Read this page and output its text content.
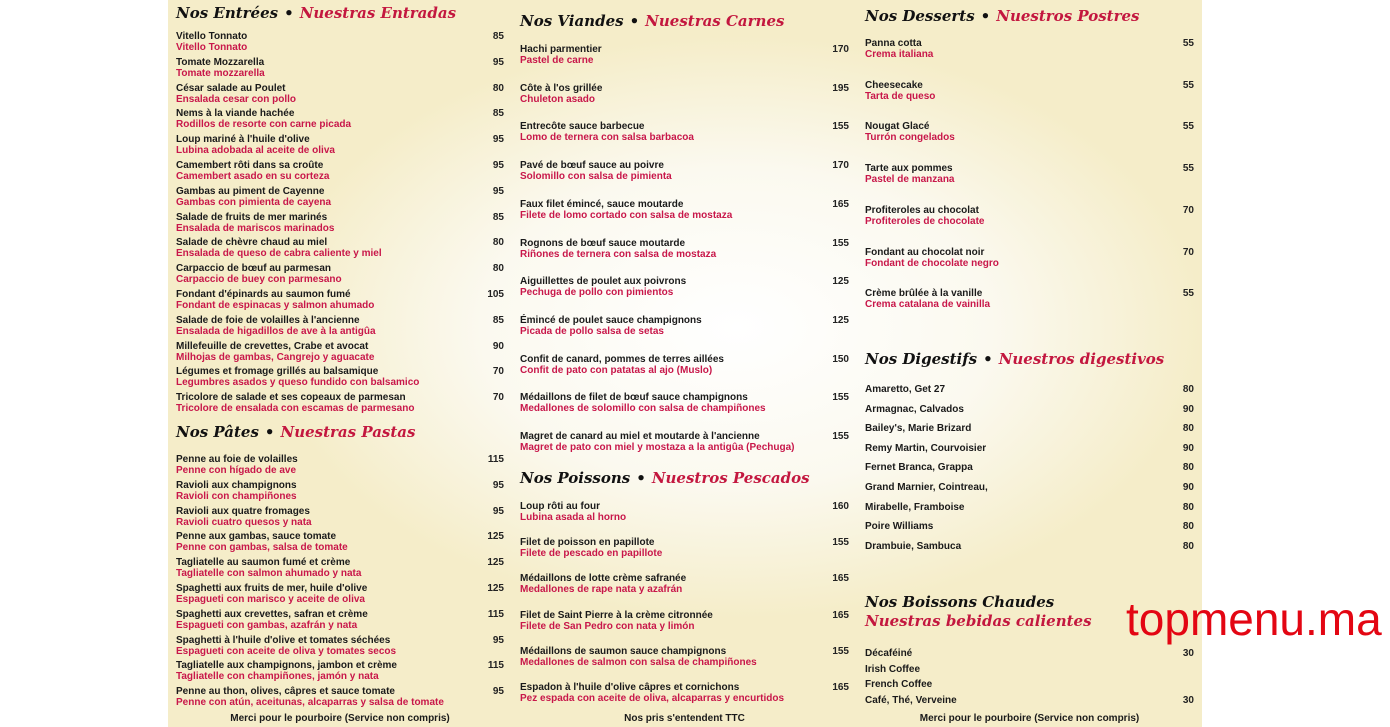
Nos Entrées • Nuestras Entradas
Vitello Tonnato
Vitello Tonnato
85
Tomate Mozzarella
Tomate mozzarella
95
César salade au Poulet
Ensalada cesar con pollo
80
Nems à la viande hachée
Rodillos de resorte con carne picada
85
Loup mariné à l'huile d'olive
Lubina adobada al aceite de oliva
95
Camembert rôti dans sa croûte
Camembert asado en su corteza
95
Gambas au piment de Cayenne
Gambas con pimienta de cayena
95
Salade de fruits de mer marinés
Ensalada de mariscos marinados
85
Salade de chèvre chaud au miel
Ensalada de queso de cabra caliente y miel
80
Carpaccio de bœuf au parmesan
Carpaccio de buey con parmesano
80
Fondant d'épinards au saumon fumé
Fondant de espinacas y salmon ahumado
105
Salade de foie de volailles à l'ancienne
Ensalada de higadillos de ave à la antigûa
85
Millefeuille de crevettes, Crabe et avocat
Milhojas de gambas, Cangrejo y aguacate
90
Légumes et fromage grillés au balsamique
Legumbres asados y queso fundido con balsamico
70
Tricolore de salade et ses copeaux de parmesan
Tricolore de ensalada con escamas de parmesano
70
Nos Pâtes • Nuestras Pastas
Penne au foie de volailles
Penne con hígado de ave
115
Ravioli aux champignons
Ravioli con champiñones
95
Ravioli aux quatre fromages
Ravioli cuatro quesos y nata
95
Penne aux gambas, sauce tomate
Penne con gambas, salsa de tomate
125
Tagliatelle au saumon fumé et crème
Tagliatelle con salmon ahumado y nata
125
Spaghetti aux fruits de mer, huile d'olive
Espagueti con marisco y aceite de oliva
125
Spaghetti aux crevettes, safran et crème
Espagueti con gambas, azafrán y nata
115
Spaghetti à l'huile d'olive et tomates séchées
Espagueti con aceite de oliva y tomates secos
95
Tagliatelle aux champignons, jambon et crème
Tagliatelle con champiñones, jamón y nata
115
Penne au thon, olives, câpres et sauce tomate
Penne con atún, aceitunas, alcaparras y salsa de tomate
95
Merci pour le pourboire (Service non compris)
Nos Viandes • Nuestras Carnes
Hachi parmentier
Pastel de carne
170
Côte à l'os grillée
Chuleton asado
195
Entrecôte sauce barbecue
Lomo de ternera con salsa barbacoa
155
Pavé de bœuf sauce au poivre
Solomillo con salsa de pimienta
170
Faux filet émincé, sauce moutarde
Filete de lomo cortado con salsa de mostaza
165
Rognons de bœuf sauce moutarde
Riñones de ternera con salsa de mostaza
155
Aiguillettes de poulet aux poivrons
Pechuga de pollo con pimientos
125
Émincé de poulet sauce champignons
Picada de pollo salsa de setas
125
Confit de canard, pommes de terres aillées
Confit de pato con patatas al ajo (Muslo)
150
Médaillons de filet de bœuf sauce champignons
Medallones de solomillo con salsa de champiñones
155
Magret de canard au miel et moutarde à l'ancienne
Magret de pato con miel y mostaza a la antigûa (Pechuga)
155
Nos Poissons • Nuestros Pescados
Loup rôti au four
Lubina asada al horno
160
Filet de poisson en papillote
Filete de pescado en papillote
155
Médaillons de lotte crème safranée
Medallones de rape nata y azafrán
165
Filet de Saint Pierre à la crème citronnée
Filete de San Pedro con nata y limón
165
Médaillons de saumon sauce champignons
Medallones de salmon con salsa de champiñones
155
Espadon à l'huile d'olive câpres et cornichons
Pez espada con aceite de oliva, alcaparras y encurtidos
165
Nos pris s'entendent TTC
Nos Desserts • Nuestros Postres
Panna cotta
Crema italiana
55
Cheesecake
Tarta de queso
55
Nougat Glacé
Turrón congelados
55
Tarte aux pommes
Pastel de manzana
55
Profiteroles au chocolat
Profiteroles de chocolate
70
Fondant au chocolat noir
Fondant de chocolate negro
70
Crème brûlée à la vanille
Crema catalana de vainilla
55
Nos Digestifs • Nuestros digestivos
Amaretto, Get 27	80
Armagnac, Calvados	90
Bailey's, Marie Brizard	80
Remy Martin, Courvoisier	90
Fernet Branca, Grappa	80
Grand Marnier, Cointreau,	90
Mirabelle, Framboise	80
Poire Williams	80
Drambuie, Sambuca	80
Nos Boissons Chaudes
Nuestras bebidas calientes
Décaféiné	30
Irish Coffee
French Coffee
Café, Thé, Verveine	30
Merci pour le pourboire (Service non compris)
topmenu.ma
